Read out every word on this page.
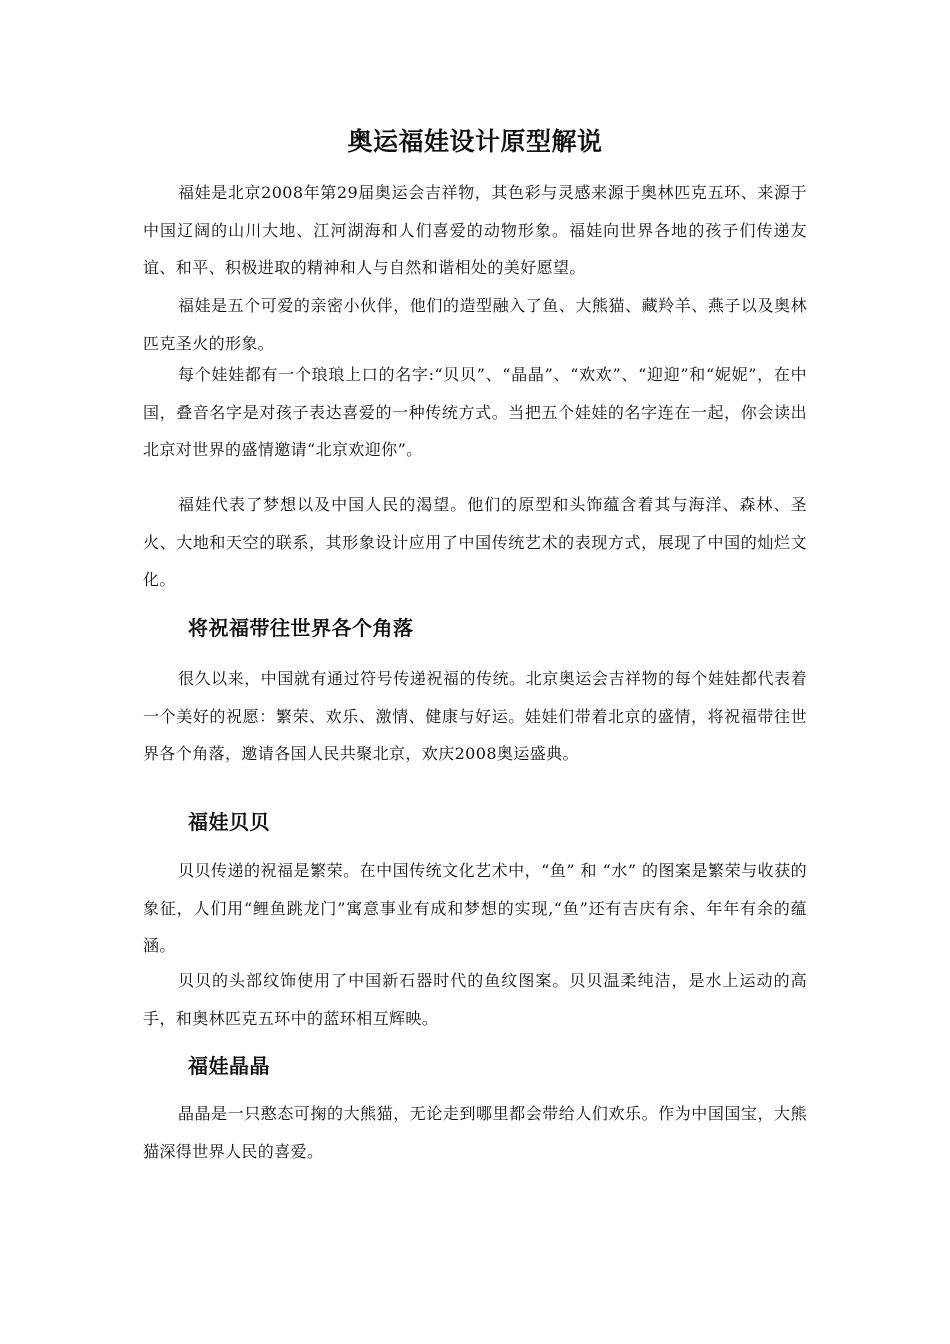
奥运福娃设计原型解说
福娃是北京2008年第29届奥运会吉祥物，其色彩与灵感来源于奥林匹克五环、来源于中国辽阔的山川大地、江河湖海和人们喜爱的动物形象。福娃向世界各地的孩子们传递友谊、和平、积极进取的精神和人与自然和谐相处的美好愿望。
福娃是五个可爱的亲密小伙伴，他们的造型融入了鱼、大熊猫、藏羚羊、燕子以及奥林匹克圣火的形象。
每个娃娃都有一个琅琅上口的名字:“贝贝”、“晶晶”、“欢欢”、“迎迎”和“妮妮”，在中国，叠音名字是对孩子表达喜爱的一种传统方式。当把五个娃娃的名字连在一起，你会读出北京对世界的盛情邀请“北京欢迎你”。
福娃代表了梦想以及中国人民的渴望。他们的原型和头饰蕴含着其与海洋、森林、圣火、大地和天空的联系，其形象设计应用了中国传统艺术的表现方式，展现了中国的灿烂文化。
将祝福带往世界各个角落
很久以来，中国就有通过符号传递祝福的传统。北京奥运会吉祥物的每个娃娃都代表着一个美好的祝愿：繁荣、欢乐、激情、健康与好运。娃娃们带着北京的盛情，将祝福带往世界各个角落，邀请各国人民共聚北京，欢庆2008奥运盛典。
福娃贝贝
贝贝传递的祝福是繁荣。在中国传统文化艺术中，“鱼” 和 “水” 的图案是繁荣与收获的象征，人们用“鲤鱼跳龙门”寓意事业有成和梦想的实现,“鱼”还有吉庆有余、年年有余的蕴涵。
贝贝的头部纹饰使用了中国新石器时代的鱼纹图案。贝贝温柔纯洁，是水上运动的高手，和奥林匹克五环中的蓝环相互辉映。
福娃晶晶
晶晶是一只憨态可掬的大熊猫，无论走到哪里都会带给人们欢乐。作为中国国宝，大熊猫深得世界人民的喜爱。
